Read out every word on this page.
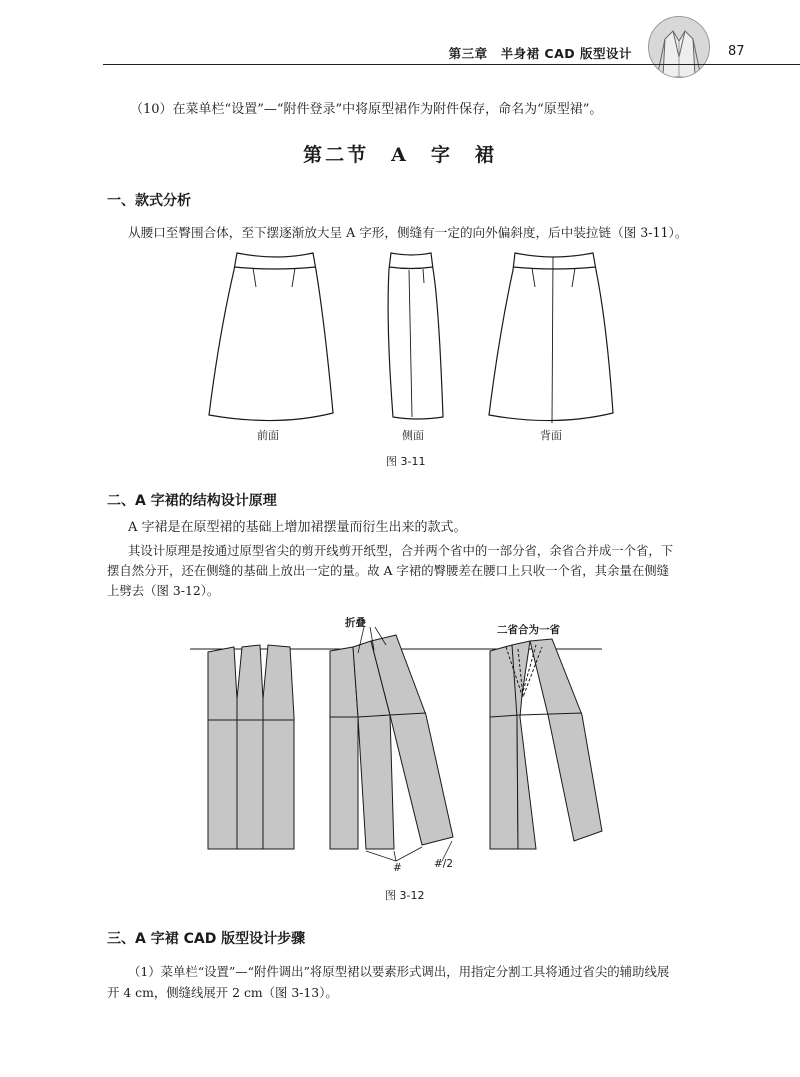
第三章　半身裙 CAD 版型设计	87
（10）在菜单栏“设置”—“附件登录”中将原型裙作为附件保存，命名为“原型裙”。
第二节　A　字　裙
一、款式分析
从腰口至臀围合体，至下摆逐渐放大呈 A 字形，侧缝有一定的向外偏斜度，后中装拉链（图 3-11）。
前面	侧面	背面
图 3-11
二、A 字裙的结构设计原理
A 字裙是在原型裙的基础上增加裙摆量而衍生出来的款式。
其设计原理是按通过原型省尖的剪开线剪开纸型，合并两个省中的一部分省，余省合并成一个省，下
摆自然分开，还在侧缝的基础上放出一定的量。故 A 字裙的臀腰差在腰口上只收一个省，其余量在侧缝
上劈去（图 3-12）。
折叠
二省合为一省
#	#/2
图 3-12
三、A 字裙 CAD 版型设计步骤
（1）菜单栏“设置”—“附件调出”将原型裙以要素形式调出，用指定分割工具将通过省尖的辅助线展
开 4 cm，侧缝线展开 2 cm（图 3-13）。
